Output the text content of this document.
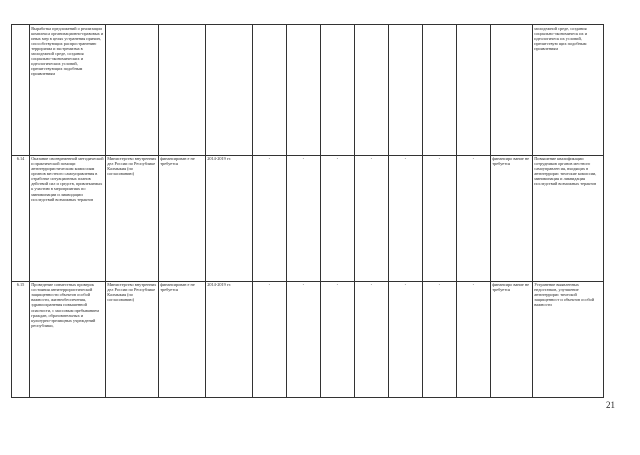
	Выработка предложений о реализации комплекса организационно-правовых и иных мер в целях устранения причин, способствующих распространению терроризма и экстремизма в молодежной среде, создания социально-экономических и идеологических условий, препятствующих подобным проявлениям												молодежной среде, создания социально-экономическ их и идеологическ их условий, препятствую щих подобным проявлениям
6.14	Оказание своевременной методической и практической помощи антитеррористическим комиссиям органов местного самоуправления в отработке ситуационных планов действий сил и средств, привлекаемых к участию в мероприятиях по минимизации и ликвидации последствий возможных терактов	Министерство внутренних дел России по Республике Калмыкия (по согласованию)	финансирован е не требуется	2014-2019 гг.	-	-	-	-	-	-	-	финансиро вание не требуется	Повышение квалификации сотрудников органов местного самоуправлен ия, входящих в антитеррорис тические комиссии, минимизация и ликвидация последствий возможных терактов
6.15	Проведение совместных проверок состояния антитеррористической защищенности объектов особой важности, жизнеобеспечения, здравоохранения повышенной опасности, с массовым пребыванием граждан, образовательных и культурно-зрелищных учреждений республики,	Министерство внутренних дел России по Республике Калмыкия (по согласованию)	финансирован е не требуется	2014-2019 гг.	-	-	-	-	-	-	-	финансиро вание не требуется	Устранение выявленных недостатков, улучшение антитеррорис тической защищенност и объектов особой важности
21
